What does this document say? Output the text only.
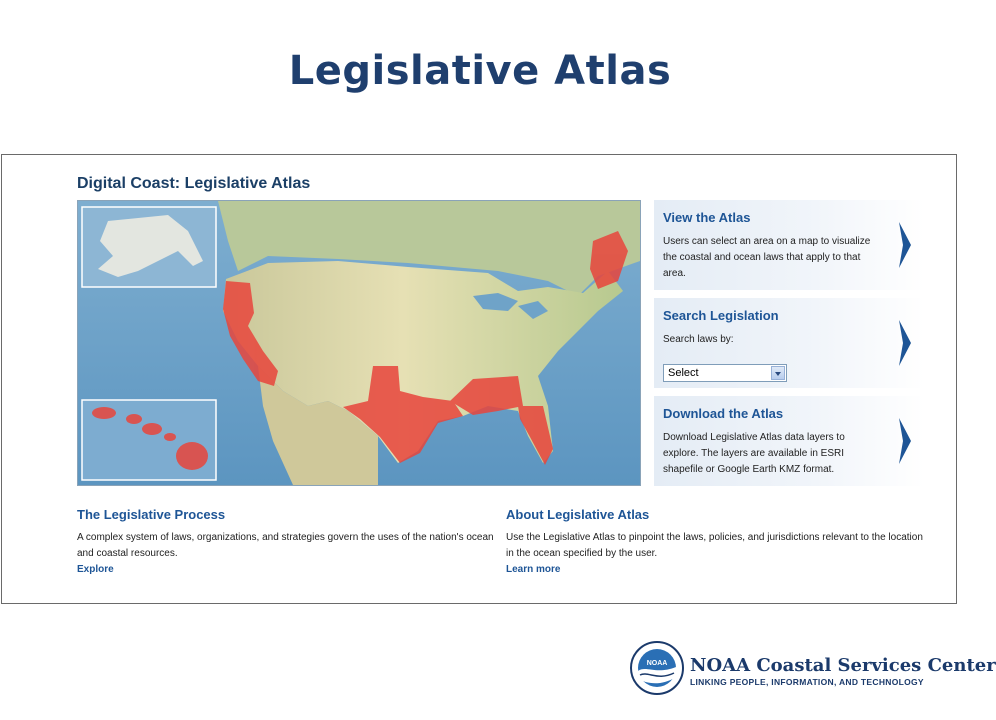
Legislative Atlas
Digital Coast: Legislative Atlas
View the Atlas
Users can select an area on a map to visualize the coastal and ocean laws that apply to that area.
Search Legislation
Search laws by:
Select
Download the Atlas
Download Legislative Atlas data layers to explore. The layers are available in ESRI shapefile or Google Earth KMZ format.
The Legislative Process
A complex system of laws, organizations, and strategies govern the uses of the nation's ocean and coastal resources.
Explore
About Legislative Atlas
Use the Legislative Atlas to pinpoint the laws, policies, and jurisdictions relevant to the location in the ocean specified by the user.
Learn more
NOAA NOAA Coastal Services Center
LINKING PEOPLE, INFORMATION, AND TECHNOLOGY
